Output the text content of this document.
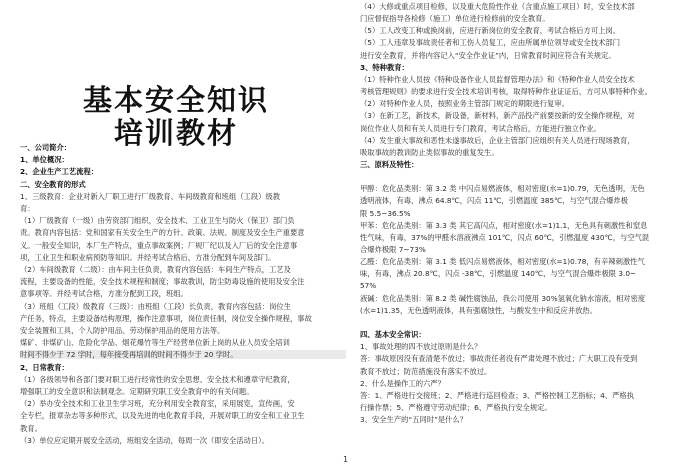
基本安全知识
培训教材
一、公司简介：
1、单位概况：
2、企业生产工艺流程：
二、安全教育的形式
1、三级教育：企业对新入厂职工进行厂级教育、车间级教育和班组（工段）级教
育：
（1）厂级教育（一级）由劳资部门组织，安全技术、工业卫生与防火（保卫）部门负
责。教育内容包括：党和国家有关安全生产的方针、政策、法规、制度及安全生产重要意
义。一般安全知识，本厂生产特点，重点事故案例；厂规厂纪以及入厂后的安全注意事
项，工业卫生和职业病预防等知识。并经考试合格后，方准分配到车间及部门。
（2）车间级教育（二级）：由车间主任负责，教育内容包括：车间生产特点，工艺及
流程，主要设备的性能，安全技术规程和制度；事故教训，防尘防毒设施的使用及安全注
意事项等。并经考试合格，方准分配到工段，班组。
（3）班组（工段）级教育（三级）：由班组（工段）长负责，教育内容包括：岗位生
产任务，特点，主要设备结构原理，操作注意事项，岗位责任制，岗位安全操作规程，事故
安全装置和工具，个人防护用品、劳动保护用品的使用方法等。
煤矿、非煤矿山、危险化学品、烟花爆竹等生产经营单位新上岗的从业人员安全培训
时间不得少于 72 学时，每年接受再培训的时间不得少于 20 学时。
2、日常教育：
（1）各级领导和各部门要对职工进行经常性的安全思想、安全技术和遵章守纪教育，
增强职工的安全意识和法制观念。定期研究职工安全教育中的有关问题。
（2）举办安全技术和工业卫生学习班，充分利用安全教育室，采用展览，宣传画，安
全专栏，报章杂志等多种形式，以及先进的电化教育手段，开展对职工的安全和工业卫生
教育。
（3）单位应定期开展安全活动，班组安全活动，每周一次（即安全活动日）。
（4）大修或重点项目检修，以及重大危险性作业（含重点施工项目）时，安全技术部
门应督促指导各检修（施工）单位进行检修前的安全教育。
（5）工人改变工种或换岗前，应进行新岗位的安全教育，考试合格后方可上岗。
（5）工人违章及事故责任者和工伤人员复工，应由所属单位领导或安全技术部门
进行安全教育，并将内容记入“安全作业证”内，日常教育时间应符合有关规定。
3、特种教育：
（1）特种作业人员按《特种设备作业人员监督管理办法》和《特种作业人员安全技术
考核管理规则》的要求进行安全技术培训考核，取得特种作业证证后，方可从事特种作业。
（2）对特种作业人员，按照业务主管部门规定的期限进行复审。
（3）在新工艺，新技术，新设备，新材料，新产品投产前要按新的安全操作规程，对
岗位作业人员和有关人员进行专门教育，考试合格后，方能进行独立作业。
（4）发生重大事故和恶性未遂事故后，企业主管部门应组织有关人员进行现场教育，
吸取事故的教训防止类似事故的重复发生。
三、原料及特性：
甲醇：危化品类别：第 3.2 类 中闪点易燃液体，相对密度(水=1)0.79，无色透明，无色
透明液体，有毒，沸点 64.8℃，闪点 11℃，引燃温度 385℃，与空气混合爆炸极
限 5.5~36.5%
甲苯：危化品类别：第 3.3 类 其它高闪点，相对密度(水=1)1.1，无色具有刺激性和窒息
性气味，有毒，37%的甲醛水溶液沸点 101℃，闪点 60℃，引燃温度 430℃，与空气混
合爆炸极限 7~73%
乙醛：危化品类别：第 3.1 类 低闪点易燃液体，相对密度(水=1)0.78，有辛辣刺激性气
味，有毒，沸点 20.8℃，闪点 -38℃，引燃温度 140℃，与空气混合爆炸极限 3.0~
57%
液碱：危化品类别：第 8.2 类 碱性腐蚀品，我公司使用 30%氢氧化钠水溶液，相对密度
(水=1)1.35，无色透明液体，具有强腐蚀性，与酸发生中和反应并放热。
四、基本安全常识：
1、事故处理的四不放过原则是什么？
答：事故原因没有查清楚不放过；事故责任者没有严肃处理不放过；广大职工没有受到
教育不放过；防范措施没有落实不放过。
2、什么是操作工的六严？
答：1、严格进行交接班；2、严格进行巡回检查；3、严格控制工艺指标；4、严格执
行操作票；5、严格遵守劳动纪律；6、严格执行安全规定。
3、安全生产的“五同时”是什么？
1
